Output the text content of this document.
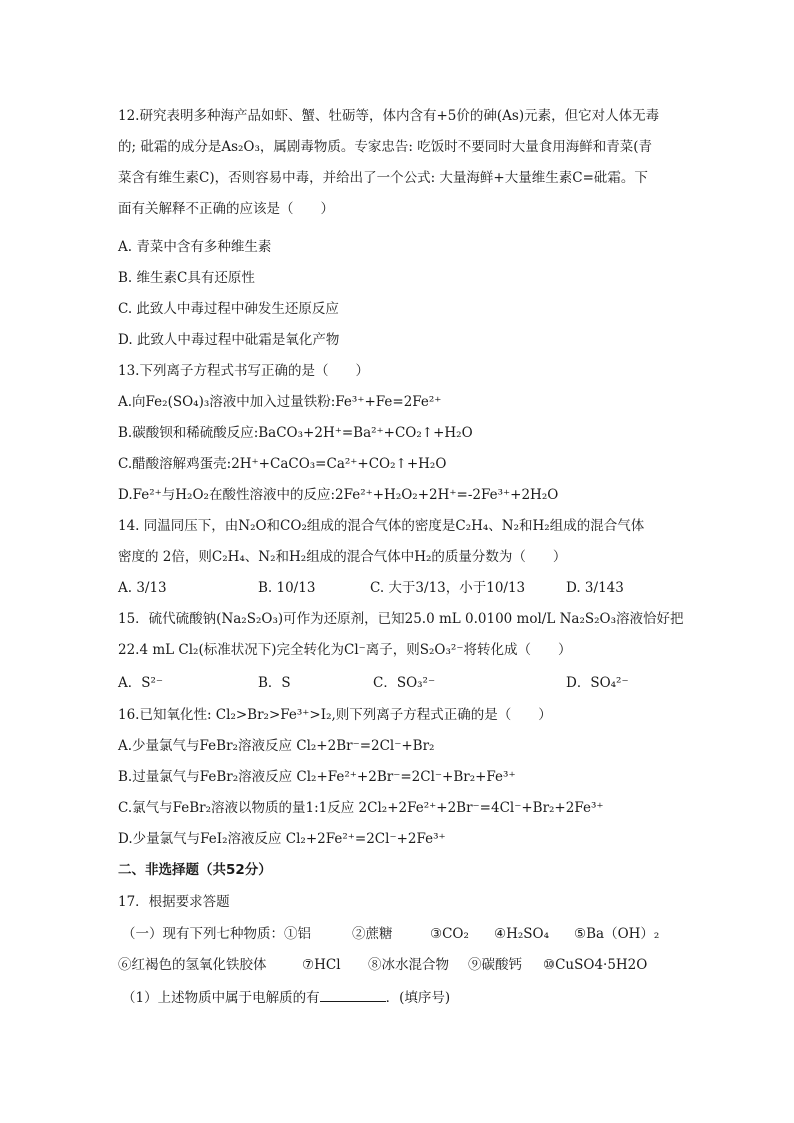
12.研究表明多种海产品如虾、蟹、牡砺等，体内含有+5价的砷(As)元素，但它对人体无毒
的; 砒霜的成分是As₂O₃，属剧毒物质。专家忠告: 吃饭时不要同时大量食用海鲜和青菜(青
菜含有维生素C)，否则容易中毒，并给出了一个公式: 大量海鲜+大量维生素C=砒霜。下
面有关解释不正确的应该是（　　）
A. 青菜中含有多种维生素
B. 维生素C具有还原性
C. 此致人中毒过程中砷发生还原反应
D. 此致人中毒过程中砒霜是氧化产物
13.下列离子方程式书写正确的是（　　）
A.向Fe₂(SO₄)₃溶液中加入过量铁粉:Fe³⁺+Fe=2Fe²⁺
B.碳酸钡和稀硫酸反应:BaCO₃+2H⁺=Ba²⁺+CO₂↑+H₂O
C.醋酸溶解鸡蛋壳:2H⁺+CaCO₃=Ca²⁺+CO₂↑+H₂O
D.Fe²⁺与H₂O₂在酸性溶液中的反应:2Fe²⁺+H₂O₂+2H⁺=-2Fe³⁺+2H₂O
14. 同温同压下，由N₂O和CO₂组成的混合气体的密度是C₂H₄、N₂和H₂组成的混合气体
密度的 2倍，则C₂H₄、N₂和H₂组成的混合气体中H₂的质量分数为（　　）
A. 3/13	B. 10/13	C. 大于3/13，小于10/13	D. 3/143
15．硫代硫酸钠(Na₂S₂O₃)可作为还原剂，已知25.0 mL 0.0100 mol/L Na₂S₂O₃溶液恰好把
22.4 mL Cl₂(标准状况下)完全转化为Cl⁻离子，则S₂O₃²⁻将转化成（　　）
A．S²⁻	B．S	C．SO₃²⁻	D．SO₄²⁻
16.已知氧化性: Cl₂>Br₂>Fe³⁺>I₂,则下列离子方程式正确的是（　　）
A.少量氯气与FeBr₂溶液反应 Cl₂+2Br⁻=2Cl⁻+Br₂
B.过量氯气与FeBr₂溶液反应 Cl₂+Fe²⁺+2Br⁻=2Cl⁻+Br₂+Fe³⁺
C.氯气与FeBr₂溶液以物质的量1:1反应 2Cl₂+2Fe²⁺+2Br⁻=4Cl⁻+Br₂+2Fe³⁺
D.少量氯气与FeI₂溶液反应 Cl₂+2Fe²⁺=2Cl⁻+2Fe³⁺
二、非选择题（共52分）
17．根据要求答题
（一）现有下列七种物质：①铝	②蔗糖	③CO₂ ④H₂SO₄ ⑤Ba（OH）₂
⑥红褐色的氢氧化铁胶体	⑦HCl ⑧冰水混合物 ⑨碳酸钙 ⑩CuSO4·5H2O
（1）上述物质中属于电解质的有	．(填序号)
